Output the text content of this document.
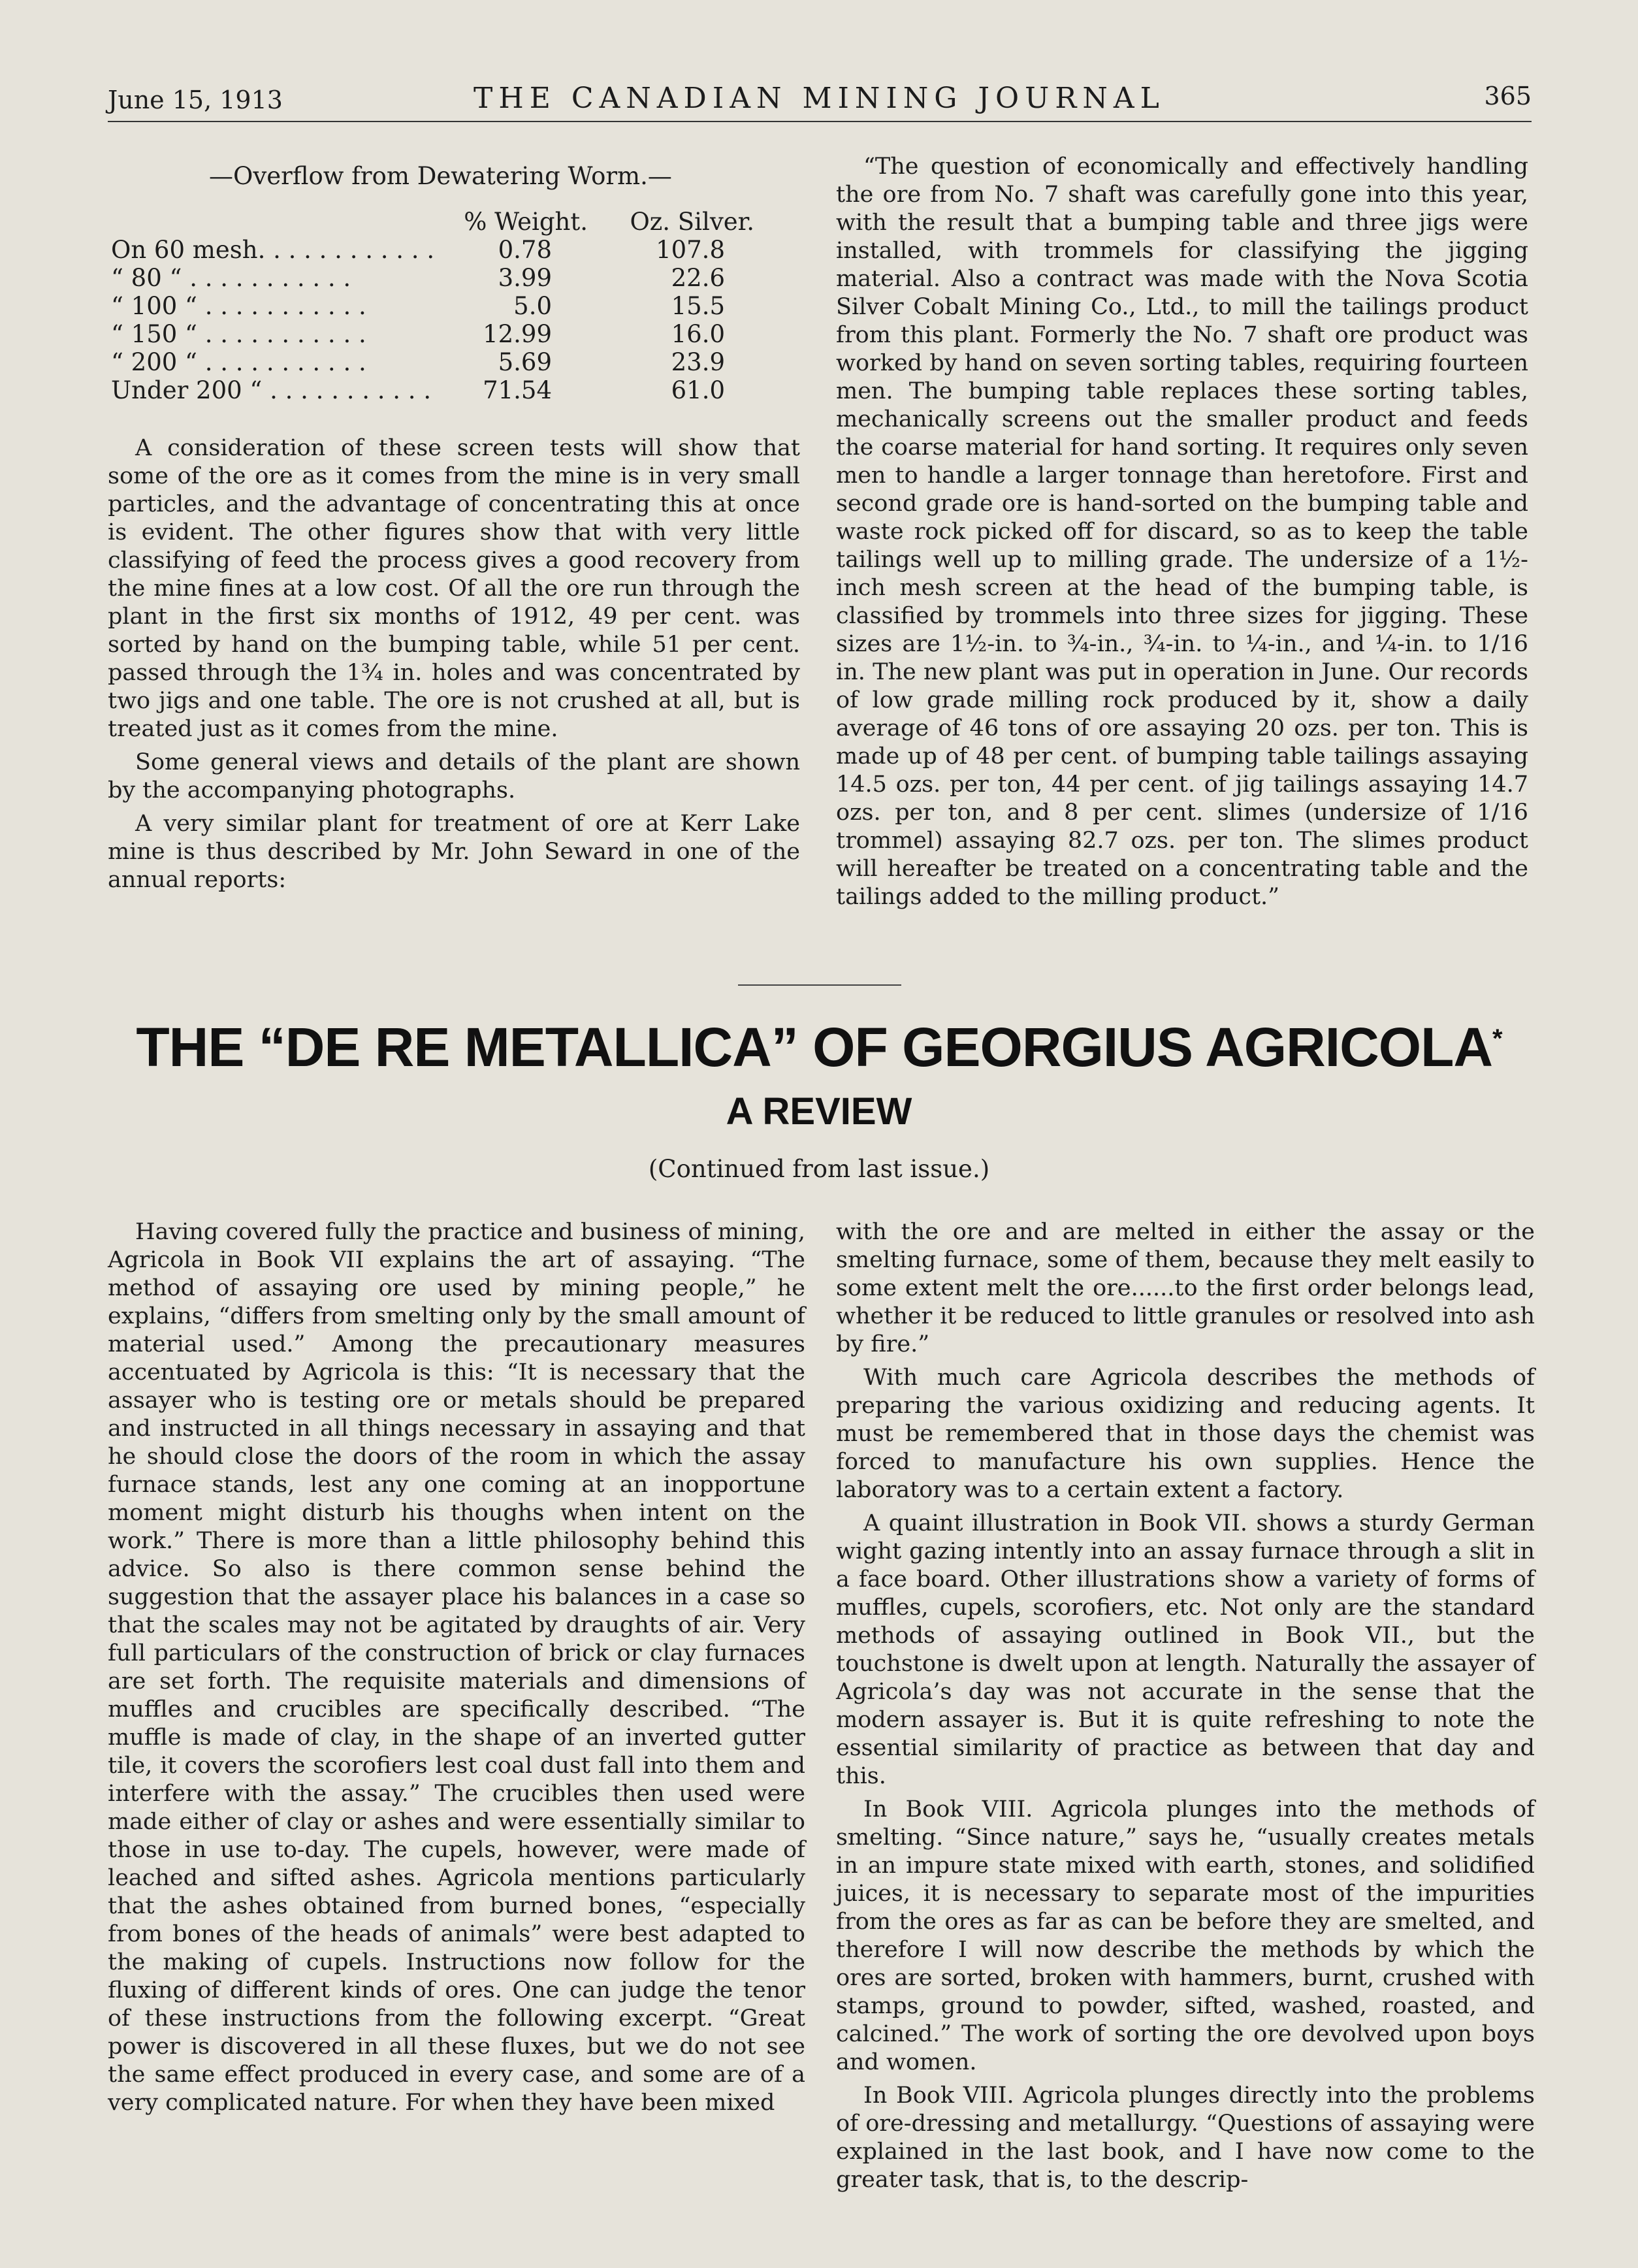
June 15, 1913	THE CANADIAN MINING JOURNAL	365
—Overflow from Dewatering Worm.—
% Weight. Oz. Silver.
On 60 mesh. . . . . . . . . . . .	0.78	107.8
“ 80 “ . . . . . . . . . . .	3.99	22.6
“ 100 “ . . . . . . . . . . .	5.0	15.5
“ 150 “ . . . . . . . . . . .	12.99	16.0
“ 200 “ . . . . . . . . . . .	5.69	23.9
Under 200 “ . . . . . . . . . . . 71.54	61.0

A consideration of these screen tests will show that some of the ore as it comes from the mine is in very small particles, and the advantage of concentrating this at once is evident. The other figures show that with very little classifying of feed the process gives a good recovery from the mine fines at a low cost. Of all the ore run through the plant in the first six months of 1912, 49 per cent. was sorted by hand on the bumping table, while 51 per cent. passed through the 1¾ in. holes and was concentrated by two jigs and one table. The ore is not crushed at all, but is treated just as it comes from the mine.

Some general views and details of the plant are shown by the accompanying photographs.

A very similar plant for treatment of ore at Kerr Lake mine is thus described by Mr. John Seward in one of the annual reports:

“The question of economically and effectively handling the ore from No. 7 shaft was carefully gone into this year, with the result that a bumping table and three jigs were installed, with trommels for classifying the jigging material. Also a contract was made with the Nova Scotia Silver Cobalt Mining Co., Ltd., to mill the tailings product from this plant. Formerly the No. 7 shaft ore product was worked by hand on seven sorting tables, requiring fourteen men. The bumping table replaces these sorting tables, mechanically screens out the smaller product and feeds the coarse material for hand sorting. It requires only seven men to handle a larger tonnage than heretofore. First and second grade ore is hand-sorted on the bumping table and waste rock picked off for discard, so as to keep the table tailings well up to milling grade. The undersize of a 1½-inch mesh screen at the head of the bumping table, is classified by trommels into three sizes for jigging. These sizes are 1½-in. to ¾-in., ¾-in. to ¼-in., and ¼-in. to 1/16 in. The new plant was put in operation in June. Our records of low grade milling rock produced by it, show a daily average of 46 tons of ore assaying 20 ozs. per ton. This is made up of 48 per cent. of bumping table tailings assaying 14.5 ozs. per ton, 44 per cent. of jig tailings assaying 14.7 ozs. per ton, and 8 per cent. slimes (undersize of 1/16 trommel) assaying 82.7 ozs. per ton. The slimes product will hereafter be treated on a concentrating table and the tailings added to the milling product.”

THE “DE RE METALLICA” OF GEORGIUS AGRICOLA*
A REVIEW
(Continued from last issue.)

Having covered fully the practice and business of mining, Agricola in Book VII explains the art of assaying. “The method of assaying ore used by mining people,” he explains, “differs from smelting only by the small amount of material used.” Among the precautionary measures accentuated by Agricola is this: “It is necessary that the assayer who is testing ore or metals should be prepared and instructed in all things necessary in assaying and that he should close the doors of the room in which the assay furnace stands, lest any one coming at an inopportune moment might disturb his thoughs when intent on the work.” There is more than a little philosophy behind this advice. So also is there common sense behind the suggestion that the assayer place his balances in a case so that the scales may not be agitated by draughts of air. Very full particulars of the construction of brick or clay furnaces are set forth. The requisite materials and dimensions of muffles and crucibles are specifically described. “The muffle is made of clay, in the shape of an inverted gutter tile, it covers the scorofiers lest coal dust fall into them and interfere with the assay.” The crucibles then used were made either of clay or ashes and were essentially similar to those in use to-day. The cupels, however, were made of leached and sifted ashes. Agricola mentions particularly that the ashes obtained from burned bones, “especially from bones of the heads of animals” were best adapted to the making of cupels. Instructions now follow for the fluxing of different kinds of ores. One can judge the tenor of these instructions from the following excerpt. “Great power is discovered in all these fluxes, but we do not see the same effect produced in every case, and some are of a very complicated nature. For when they have been mixed

with the ore and are melted in either the assay or the smelting furnace, some of them, because they melt easily to some extent melt the ore......to the first order belongs lead, whether it be reduced to little granules or resolved into ash by fire.”

With much care Agricola describes the methods of preparing the various oxidizing and reducing agents. It must be remembered that in those days the chemist was forced to manufacture his own supplies. Hence the laboratory was to a certain extent a factory.

A quaint illustration in Book VII. shows a sturdy German wight gazing intently into an assay furnace through a slit in a face board. Other illustrations show a variety of forms of muffles, cupels, scorofiers, etc. Not only are the standard methods of assaying outlined in Book VII., but the touchstone is dwelt upon at length. Naturally the assayer of Agricola’s day was not accurate in the sense that the modern assayer is. But it is quite refreshing to note the essential similarity of practice as between that day and this.

In Book VIII. Agricola plunges into the methods of smelting. “Since nature,” says he, “usually creates metals in an impure state mixed with earth, stones, and solidified juices, it is necessary to separate most of the impurities from the ores as far as can be before they are smelted, and therefore I will now describe the methods by which the ores are sorted, broken with hammers, burnt, crushed with stamps, ground to powder, sifted, washed, roasted, and calcined.” The work of sorting the ore devolved upon boys and women.

In Book VIII. Agricola plunges directly into the problems of ore-dressing and metallurgy. “Questions of assaying were explained in the last book, and I have now come to the greater task, that is, to the descrip-
